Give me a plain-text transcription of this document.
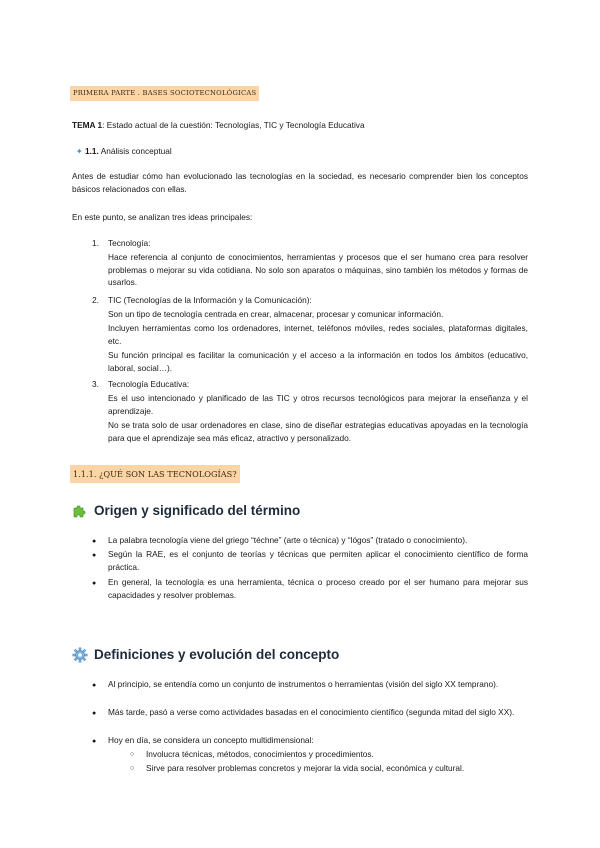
PRIMERA PARTE . BASES SOCIOTECNOLÓGICAS
TEMA 1: Estado actual de la cuestión: Tecnologías, TIC y Tecnología Educativa
✦ 1.1. Análisis conceptual
Antes de estudiar cómo han evolucionado las tecnologías en la sociedad, es necesario comprender bien los conceptos básicos relacionados con ellas.
En este punto, se analizan tres ideas principales:
1. Tecnología:
Hace referencia al conjunto de conocimientos, herramientas y procesos que el ser humano crea para resolver problemas o mejorar su vida cotidiana. No solo son aparatos o máquinas, sino también los métodos y formas de usarlos.
2. TIC (Tecnologías de la Información y la Comunicación):
Son un tipo de tecnología centrada en crear, almacenar, procesar y comunicar información.
Incluyen herramientas como los ordenadores, internet, teléfonos móviles, redes sociales, plataformas digitales, etc.
Su función principal es facilitar la comunicación y el acceso a la información en todos los ámbitos (educativo, laboral, social…).
3. Tecnología Educativa:
Es el uso intencionado y planificado de las TIC y otros recursos tecnológicos para mejorar la enseñanza y el aprendizaje.
No se trata solo de usar ordenadores en clase, sino de diseñar estrategias educativas apoyadas en la tecnología para que el aprendizaje sea más eficaz, atractivo y personalizado.
1.1.1. ¿QUÉ SON LAS TECNOLOGÍAS?
Origen y significado del término
● La palabra tecnología viene del griego “téchne” (arte o técnica) y “lógos” (tratado o conocimiento).
● Según la RAE, es el conjunto de teorías y técnicas que permiten aplicar el conocimiento científico de forma práctica.
● En general, la tecnología es una herramienta, técnica o proceso creado por el ser humano para mejorar sus capacidades y resolver problemas.
Definiciones y evolución del concepto
● Al principio, se entendía como un conjunto de instrumentos o herramientas (visión del siglo XX temprano).
● Más tarde, pasó a verse como actividades basadas en el conocimiento científico (segunda mitad del siglo XX).
● Hoy en día, se considera un concepto multidimensional:
○ Involucra técnicas, métodos, conocimientos y procedimientos.
○ Sirve para resolver problemas concretos y mejorar la vida social, económica y cultural.
